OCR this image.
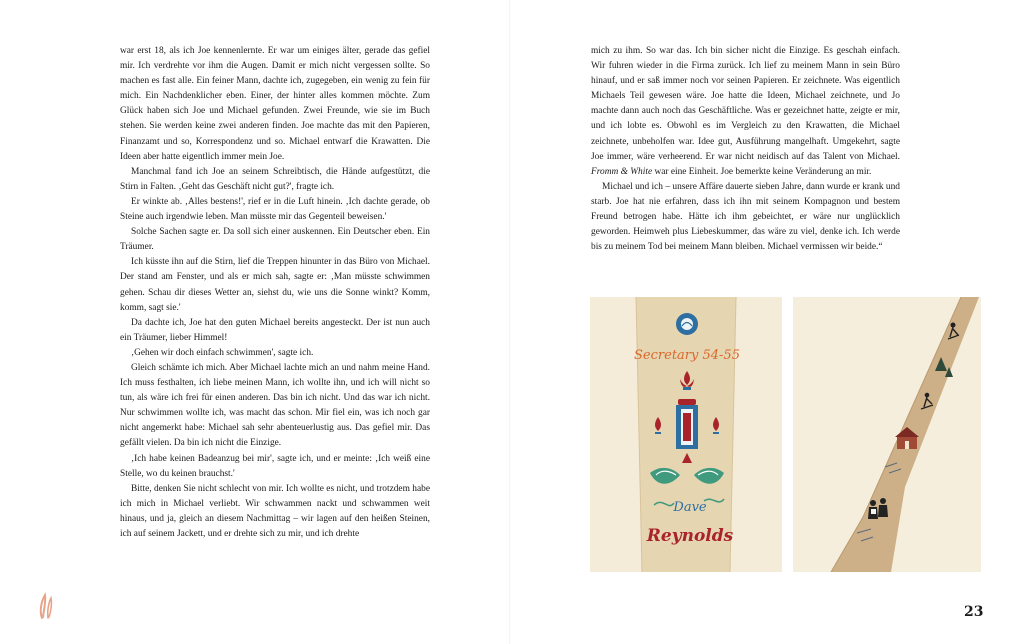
war erst 18, als ich Joe kennenlernte. Er war um einiges älter, gerade das gefiel mir. Ich verdrehte vor ihm die Augen. Damit er mich nicht vergessen sollte. So machen es fast alle. Ein feiner Mann, dachte ich, zugegeben, ein wenig zu fein für mich. Ein Nachdenklicher eben. Einer, der hinter alles kommen möchte. Zum Glück haben sich Joe und Michael gefunden. Zwei Freunde, wie sie im Buch stehen. Sie werden keine zwei anderen finden. Joe machte das mit den Papieren, Finanzamt und so, Korrespondenz und so. Michael entwarf die Krawatten. Die Ideen aber hatte eigentlich immer mein Joe.

Manchmal fand ich Joe an seinem Schreibtisch, die Hände aufgestützt, die Stirn in Falten. ‚Geht das Geschäft nicht gut?', fragte ich.

Er winkte ab. ‚Alles bestens!', rief er in die Luft hinein. ‚Ich dachte gerade, ob Steine auch irgendwie leben. Man müsste mir das Gegenteil beweisen.'

Solche Sachen sagte er. Da soll sich einer auskennen. Ein Deutscher eben. Ein Träumer.

Ich küsste ihn auf die Stirn, lief die Treppen hinunter in das Büro von Michael. Der stand am Fenster, und als er mich sah, sagte er: ‚Man müsste schwimmen gehen. Schau dir dieses Wetter an, siehst du, wie uns die Sonne winkt? Komm, komm, sagt sie.'

Da dachte ich, Joe hat den guten Michael bereits angesteckt. Der ist nun auch ein Träumer, lieber Himmel!

‚Gehen wir doch einfach schwimmen', sagte ich.

Gleich schämte ich mich. Aber Michael lachte mich an und nahm meine Hand. Ich muss festhalten, ich liebe meinen Mann, ich wollte ihn, und ich will nicht so tun, als wäre ich frei für einen anderen. Das bin ich nicht. Und das war ich nicht. Nur schwimmen wollte ich, was macht das schon. Mir fiel ein, was ich noch gar nicht angemerkt habe: Michael sah sehr abenteuerlustig aus. Das gefiel mir. Das gefällt vielen. Da bin ich nicht die Einzige.

‚Ich habe keinen Badeanzug bei mir', sagte ich, und er meinte: ‚Ich weiß eine Stelle, wo du keinen brauchst.'

Bitte, denken Sie nicht schlecht von mir. Ich wollte es nicht, und trotzdem habe ich mich in Michael verliebt. Wir schwammen nackt und schwammen weit hinaus, und ja, gleich an diesem Nachmittag – wir lagen auf den heißen Steinen, ich auf seinem Jackett, und er drehte sich zu mir, und ich drehte

mich zu ihm. So war das. Ich bin sicher nicht die Einzige. Es geschah einfach. Wir fuhren wieder in die Firma zurück. Ich lief zu meinem Mann in sein Büro hinauf, und er saß immer noch vor seinen Papieren. Er zeichnete. Was eigentlich Michaels Teil gewesen wäre. Joe hatte die Ideen, Michael zeichnete, und Jo machte dann auch noch das Geschäftliche. Was er gezeichnet hatte, zeigte er mir, und ich lobte es. Obwohl es im Vergleich zu den Krawatten, die Michael zeichnete, unbeholfen war. Idee gut, Ausführung mangelhaft. Umgekehrt, sagte Joe immer, wäre verheerend. Er war nicht neidisch auf das Talent von Michael. Fromm & White war eine Einheit. Joe bemerkte keine Veränderung an mir.

Michael und ich – unsere Affäre dauerte sieben Jahre, dann wurde er krank und starb. Joe hat nie erfahren, dass ich ihn mit seinem Kompagnon und bestem Freund betrogen habe. Hätte ich ihm gebeichtet, er wäre nur unglücklich geworden. Heimweh plus Liebeskummer, das wäre zu viel, denke ich. Ich werde bis zu meinem Tod bei meinem Mann bleiben. Michael vermissen wir beide.“

Secretary 54-55
Dave
Reynolds
23
